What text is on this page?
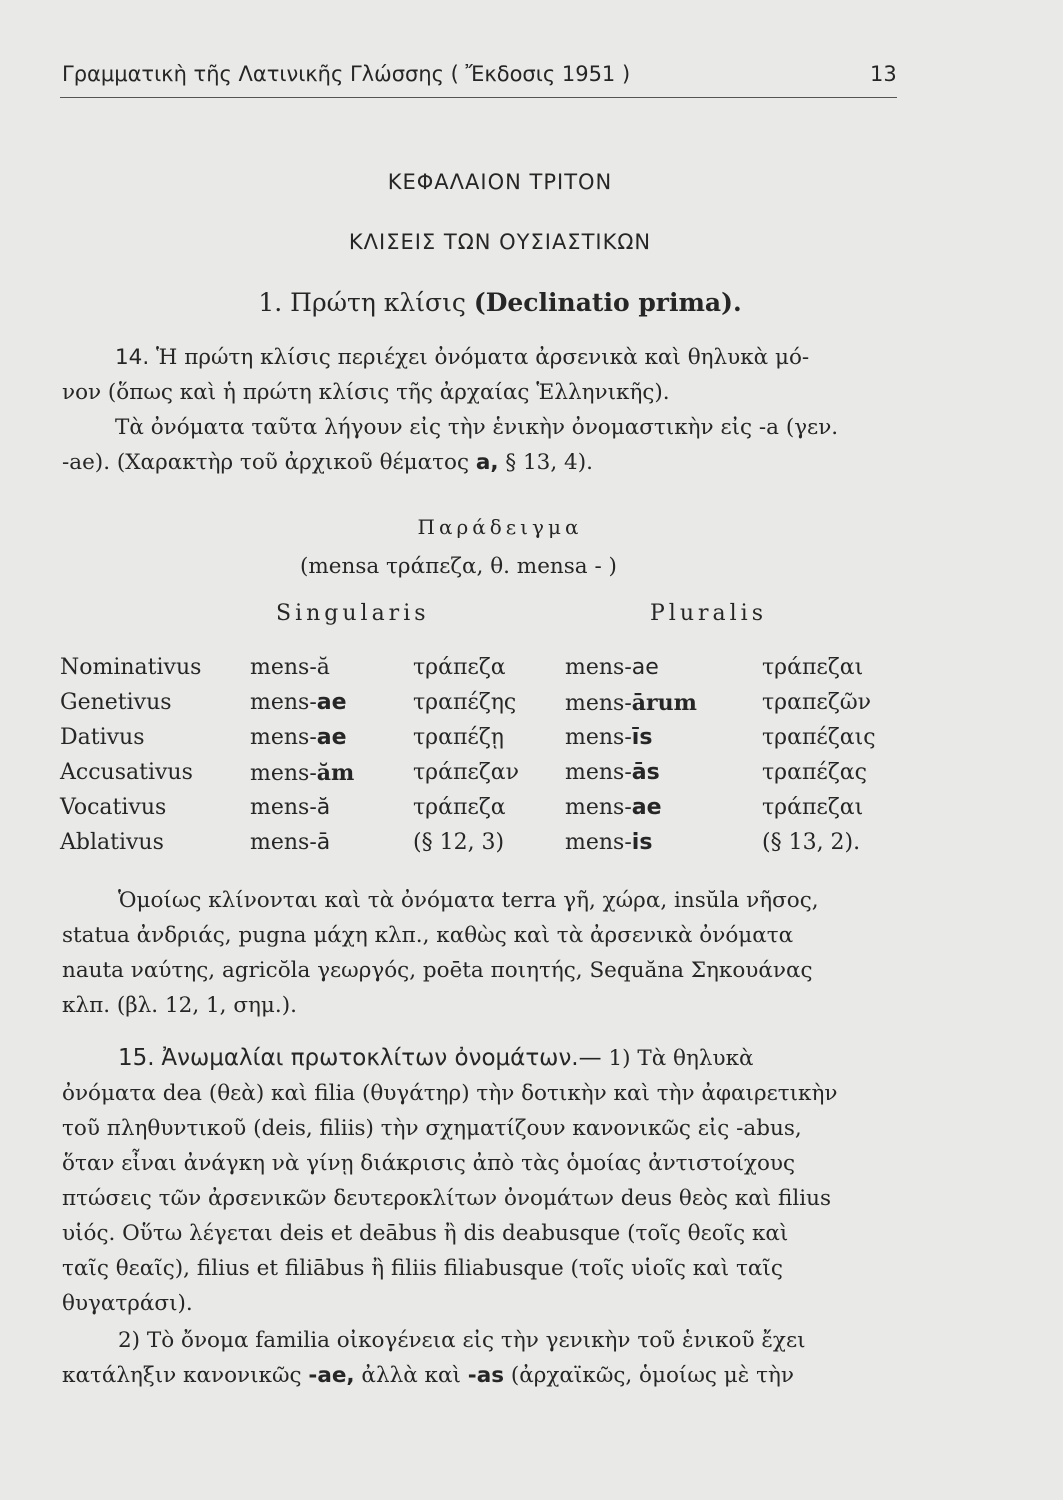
Γραμματικὴ τῆς Λατινικῆς Γλώσσης ( Ἔκδοσις 1951 )	13
ΚΕΦΑΛΑΙΟΝ ΤΡΙΤΟΝ
ΚΛΙΣΕΙΣ ΤΩΝ ΟΥΣΙΑΣΤΙΚΩΝ
1. Πρώτη κλίσις (Declinatio prima).
14. Ἡ πρώτη κλίσις περιέχει ὀνόματα ἀρσενικὰ καὶ θηλυκὰ μό-
νον (ὅπως καὶ ἡ πρώτη κλίσις τῆς ἀρχαίας Ἑλληνικῆς).
Τὰ ὀνόματα ταῦτα λήγουν εἰς τὴν ἑνικὴν ὀνομαστικὴν εἰς -a (γεν.
-ae). (Χαρακτὴρ τοῦ ἀρχικοῦ θέματος a, § 13, 4).
Παράδειγμα
(mensa τράπεζα, θ. mensa - )
Singularis	Pluralis
Nominativus mens-ă	τράπεζα	mens-ae	τράπεζαι
Genetivus	mens-ae	τραπέζης mens-ārum	τραπεζῶν
Dativus	mens-ae	τραπέζῃ	mens-īs	τραπέζαις
Accusativus	mens-ăm	τράπεζαν mens-ās	τραπέζας
Vocativus	mens-ă	τράπεζα	mens-ae	τράπεζαι
Ablativus	mens-ā	(§ 12, 3)	mens-is	(§ 13, 2).
Ὁμοίως κλίνονται καὶ τὰ ὀνόματα terra γῆ, χώρα, insŭla νῆσος,
statua ἀνδριάς, pugna μάχη κλπ., καθὼς καὶ τὰ ἀρσενικὰ ὀνόματα
nauta ναύτης, agricŏla γεωργός, poēta ποιητής, Sequăna Σηκουάνας
κλπ. (βλ. 12, 1, σημ.).
15. Ἀνωμαλίαι πρωτοκλίτων ὀνομάτων.— 1) Τὰ θηλυκὰ
ὀνόματα dea (θεὰ) καὶ filia (θυγάτηρ) τὴν δοτικὴν καὶ τὴν ἀφαιρετικὴν
τοῦ πληθυντικοῦ (deis, filiis) τὴν σχηματίζουν κανονικῶς εἰς -abus,
ὅταν εἶναι ἀνάγκη νὰ γίνῃ διάκρισις ἀπὸ τὰς ὁμοίας ἀντιστοίχους
πτώσεις τῶν ἀρσενικῶν δευτεροκλίτων ὀνομάτων deus θεὸς καὶ filius
υἱός. Οὕτω λέγεται deis et deābus ἢ dis deabusque (τοῖς θεοῖς καὶ
ταῖς θεαῖς), filius et filiābus ἢ filiis filiabusque (τοῖς υἱοῖς καὶ ταῖς
θυγατράσι).
2) Τὸ ὄνομα familia οἰκογένεια εἰς τὴν γενικὴν τοῦ ἑνικοῦ ἔχει
κατάληξιν κανονικῶς -ae, ἀλλὰ καὶ -as (ἀρχαϊκῶς, ὁμοίως μὲ τὴν
